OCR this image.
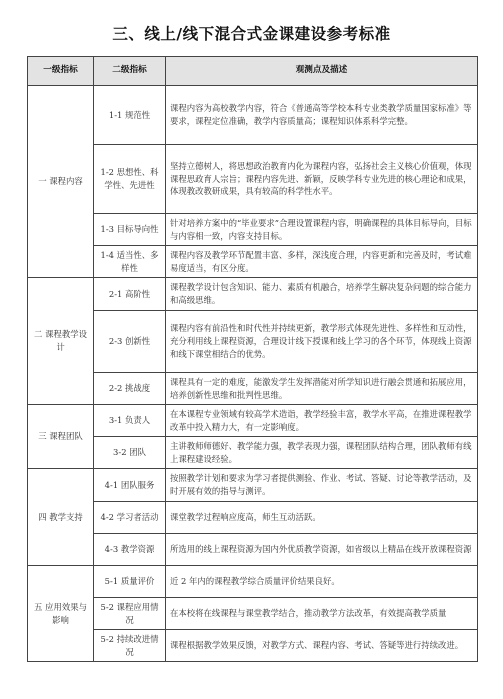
三、线上/线下混合式金课建设参考标准
一级指标	二级指标	观测点及描述
一 课程内容	1-1 规范性	课程内容为高校教学内容，符合《普通高等学校本科专业类教学质量国家标准》等要求，课程定位准确，教学内容质量高；课程知识体系科学完整。
	1-2 思想性、科学性、先进性	坚持立德树人，将思想政治教育内化为课程内容，弘扬社会主义核心价值观，体现课程思政育人宗旨；课程内容先进、新颖，反映学科专业先进的核心理论和成果，体现教改教研成果，具有较高的科学性水平。
	1-3 目标导向性	针对培养方案中的“毕业要求”合理设置课程内容，明确课程的具体目标导向，目标与内容相一致，内容支持目标。
	1-4 适当性、多样性	课程内容及教学环节配置丰富、多样，深浅度合理，内容更新和完善及时，考试难易度适当，有区分度。
二 课程教学设计	2-1 高阶性	课程教学设计包含知识、能力、素质有机融合，培养学生解决复杂问题的综合能力和高级思维。
	2-3 创新性	课程内容有前沿性和时代性并持续更新，教学形式体现先进性、多样性和互动性，充分利用线上课程资源，合理设计线下授课和线上学习的各个环节，体现线上资源和线下课堂相结合的优势。
	2-2 挑战度	课程具有一定的难度，能激发学生发挥潜能对所学知识进行融会贯通和拓展应用，培养创新性思维和批判性思维。
三 课程团队	3-1 负责人	在本课程专业领域有较高学术造诣，教学经验丰富，教学水平高，在推进课程教学改革中投入精力大，有一定影响度。
	3-2 团队	主讲教师师德好、教学能力强，教学表现力强，课程团队结构合理，团队教师有线上课程建设经验。
四 教学支持	4-1 团队服务	按照教学计划和要求为学习者提供测验、作业、考试、答疑、讨论等教学活动，及时开展有效的指导与测评。
	4-2 学习者活动	课堂教学过程响应度高，师生互动活跃。
	4-3 教学资源	所选用的线上课程资源为国内外优质教学资源，如省级以上精品在线开放课程资源
五 应用效果与影响	5-1 质量评价	近 2 年内的课程教学综合质量评价结果良好。
	5-2 课程应用情况	在本校将在线课程与课堂教学结合，推动教学方法改革，有效提高教学质量
	5-2 持续改进情况	课程根据教学效果反馈，对教学方式、课程内容、考试、答疑等进行持续改进。
